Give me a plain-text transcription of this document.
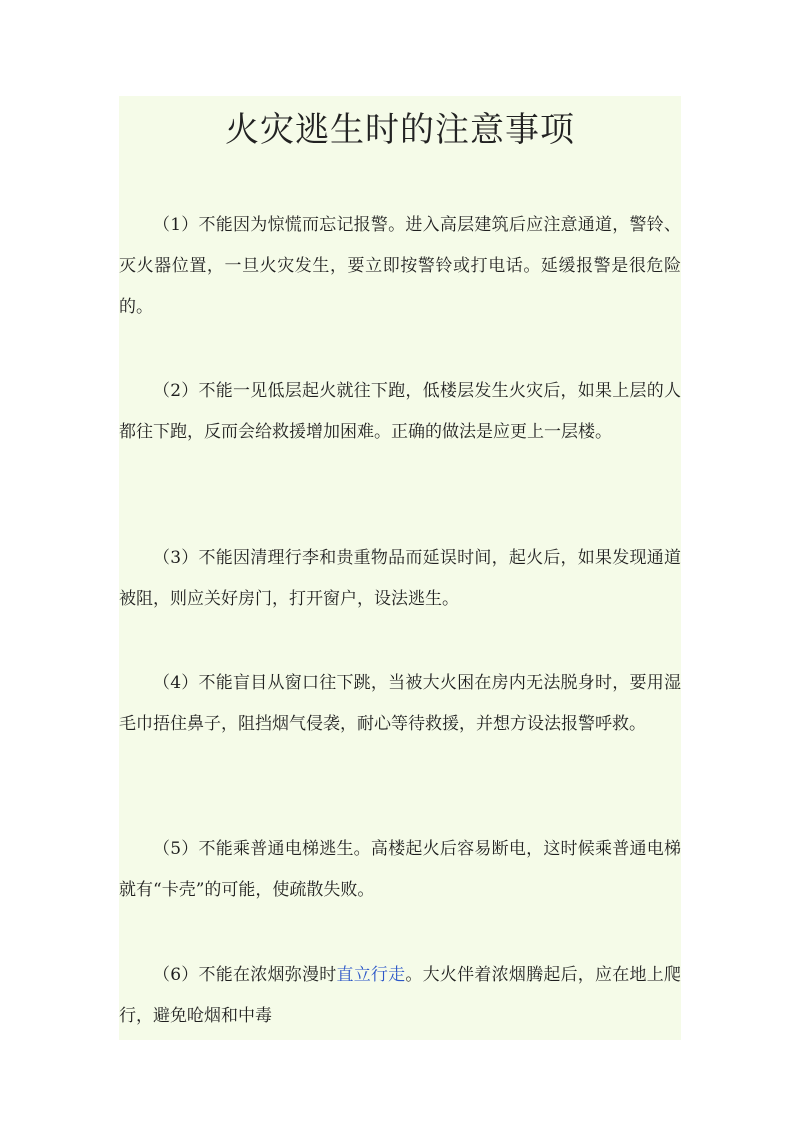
火灾逃生时的注意事项

（1）不能因为惊慌而忘记报警。进入高层建筑后应注意通道，警铃、灭火器位置，一旦火灾发生，要立即按警铃或打电话。延缓报警是很危险的。

（2）不能一见低层起火就往下跑，低楼层发生火灾后，如果上层的人都往下跑，反而会给救援增加困难。正确的做法是应更上一层楼。

（3）不能因清理行李和贵重物品而延误时间，起火后，如果发现通道被阻，则应关好房门，打开窗户，设法逃生。

（4）不能盲目从窗口往下跳，当被大火困在房内无法脱身时，要用湿毛巾捂住鼻子，阻挡烟气侵袭，耐心等待救援，并想方设法报警呼救。

（5）不能乘普通电梯逃生。高楼起火后容易断电，这时候乘普通电梯就有“卡壳”的可能，使疏散失败。

（6）不能在浓烟弥漫时直立行走。大火伴着浓烟腾起后，应在地上爬行，避免呛烟和中毒
